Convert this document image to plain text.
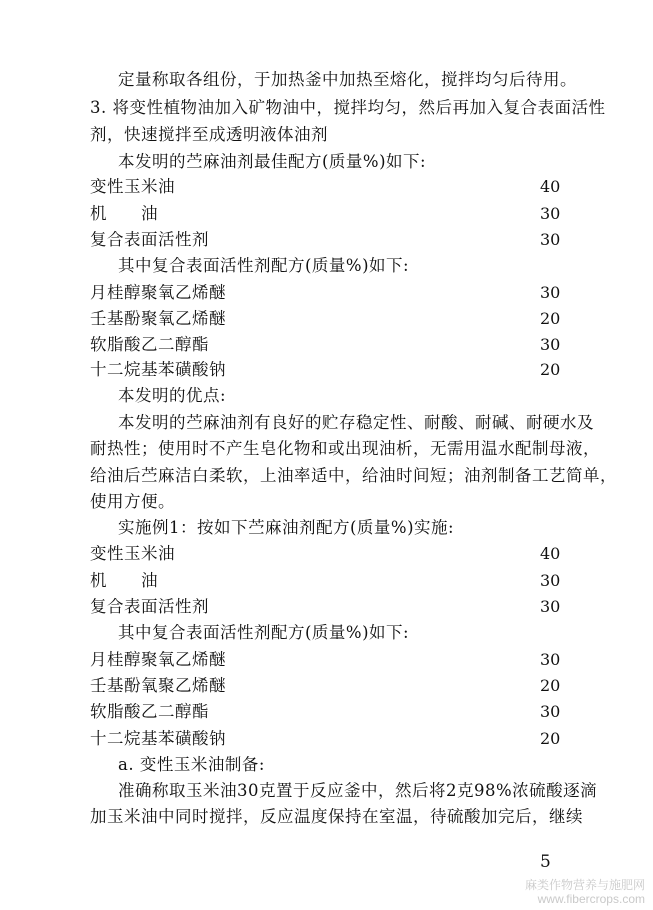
定量称取各组份，于加热釜中加热至熔化，搅拌均匀后待用。
3. 将变性植物油加入矿物油中，搅拌均匀，然后再加入复合表面活性
剂，快速搅拌至成透明液体油剂
本发明的苎麻油剂最佳配方(质量%)如下:
变性玉米油	40
机　　油	30
复合表面活性剂	30
其中复合表面活性剂配方(质量%)如下:
月桂醇聚氧乙烯醚	30
壬基酚聚氧乙烯醚	20
软脂酸乙二醇酯	30
十二烷基苯磺酸钠	20
本发明的优点:
本发明的苎麻油剂有良好的贮存稳定性、耐酸、耐碱、耐硬水及
耐热性；使用时不产生皂化物和或出现油析，无需用温水配制母液，
给油后苎麻洁白柔软，上油率适中，给油时间短；油剂制备工艺简单，
使用方便。
实施例1：按如下苎麻油剂配方(质量%)实施:
变性玉米油	40
机　　油	30
复合表面活性剂	30
其中复合表面活性剂配方(质量%)如下:
月桂醇聚氧乙烯醚	30
壬基酚氧聚乙烯醚	20
软脂酸乙二醇酯	30
十二烷基苯磺酸钠	20
a. 变性玉米油制备:
准确称取玉米油30克置于反应釜中，然后将2克98%浓硫酸逐滴
加玉米油中同时搅拌，反应温度保持在室温，待硫酸加完后，继续
5
麻类作物营养与施肥网
www.fibercrops.com
